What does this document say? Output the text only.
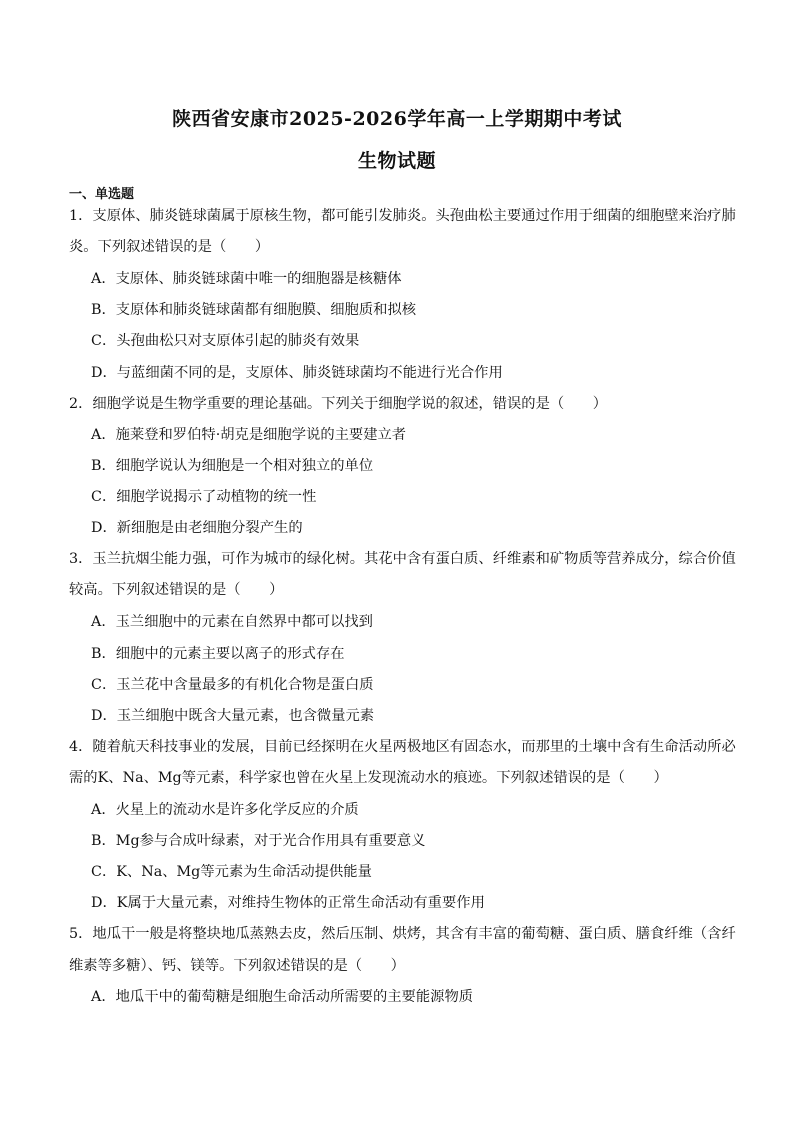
陕西省安康市2025-2026学年高一上学期期中考试
生物试题
一、单选题
1．支原体、肺炎链球菌属于原核生物，都可能引发肺炎。头孢曲松主要通过作用于细菌的细胞壁来治疗肺
炎。下列叙述错误的是（　　）
A．支原体、肺炎链球菌中唯一的细胞器是核糖体
B．支原体和肺炎链球菌都有细胞膜、细胞质和拟核
C．头孢曲松只对支原体引起的肺炎有效果
D．与蓝细菌不同的是，支原体、肺炎链球菌均不能进行光合作用
2．细胞学说是生物学重要的理论基础。下列关于细胞学说的叙述，错误的是（　　）
A．施莱登和罗伯特·胡克是细胞学说的主要建立者
B．细胞学说认为细胞是一个相对独立的单位
C．细胞学说揭示了动植物的统一性
D．新细胞是由老细胞分裂产生的
3．玉兰抗烟尘能力强，可作为城市的绿化树。其花中含有蛋白质、纤维素和矿物质等营养成分，综合价值
较高。下列叙述错误的是（　　）
A．玉兰细胞中的元素在自然界中都可以找到
B．细胞中的元素主要以离子的形式存在
C．玉兰花中含量最多的有机化合物是蛋白质
D．玉兰细胞中既含大量元素，也含微量元素
4．随着航天科技事业的发展，目前已经探明在火星两极地区有固态水，而那里的土壤中含有生命活动所必
需的K、Na、Mg等元素，科学家也曾在火星上发现流动水的痕迹。下列叙述错误的是（　　）
A．火星上的流动水是许多化学反应的介质
B．Mg参与合成叶绿素，对于光合作用具有重要意义
C．K、Na、Mg等元素为生命活动提供能量
D．K属于大量元素，对维持生物体的正常生命活动有重要作用
5．地瓜干一般是将整块地瓜蒸熟去皮，然后压制、烘烤，其含有丰富的葡萄糖、蛋白质、膳食纤维（含纤
维素等多糖）、钙、镁等。下列叙述错误的是（　　）
A．地瓜干中的葡萄糖是细胞生命活动所需要的主要能源物质
